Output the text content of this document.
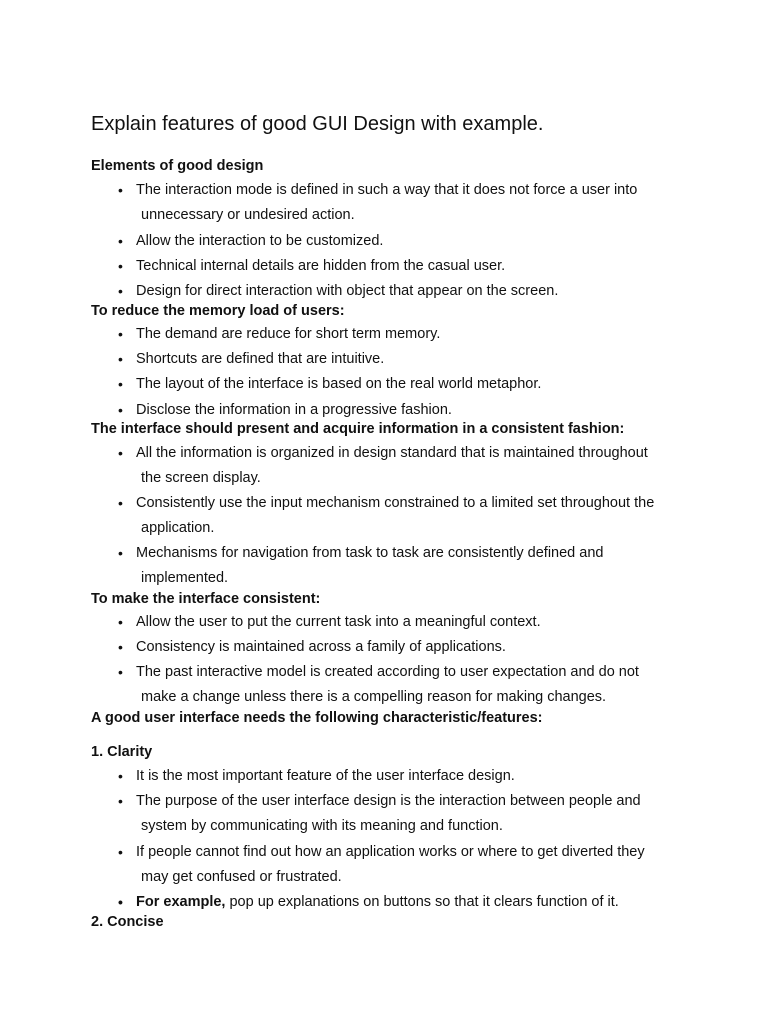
Explain features of good GUI Design with example.
Elements of good design
• The interaction mode is defined in such a way that it does not force a user into
unnecessary or undesired action.
• Allow the interaction to be customized.
• Technical internal details are hidden from the casual user.
• Design for direct interaction with object that appear on the screen.
To reduce the memory load of users:
• The demand are reduce for short term memory.
• Shortcuts are defined that are intuitive.
• The layout of the interface is based on the real world metaphor.
• Disclose the information in a progressive fashion.
The interface should present and acquire information in a consistent fashion:
• All the information is organized in design standard that is maintained throughout
the screen display.
• Consistently use the input mechanism constrained to a limited set throughout the
application.
• Mechanisms for navigation from task to task are consistently defined and
implemented.
To make the interface consistent:
• Allow the user to put the current task into a meaningful context.
• Consistency is maintained across a family of applications.
• The past interactive model is created according to user expectation and do not
make a change unless there is a compelling reason for making changes.
A good user interface needs the following characteristic/features:
1. Clarity
• It is the most important feature of the user interface design.
• The purpose of the user interface design is the interaction between people and
system by communicating with its meaning and function.
• If people cannot find out how an application works or where to get diverted they
may get confused or frustrated.
• For example, pop up explanations on buttons so that it clears function of it.
2. Concise
